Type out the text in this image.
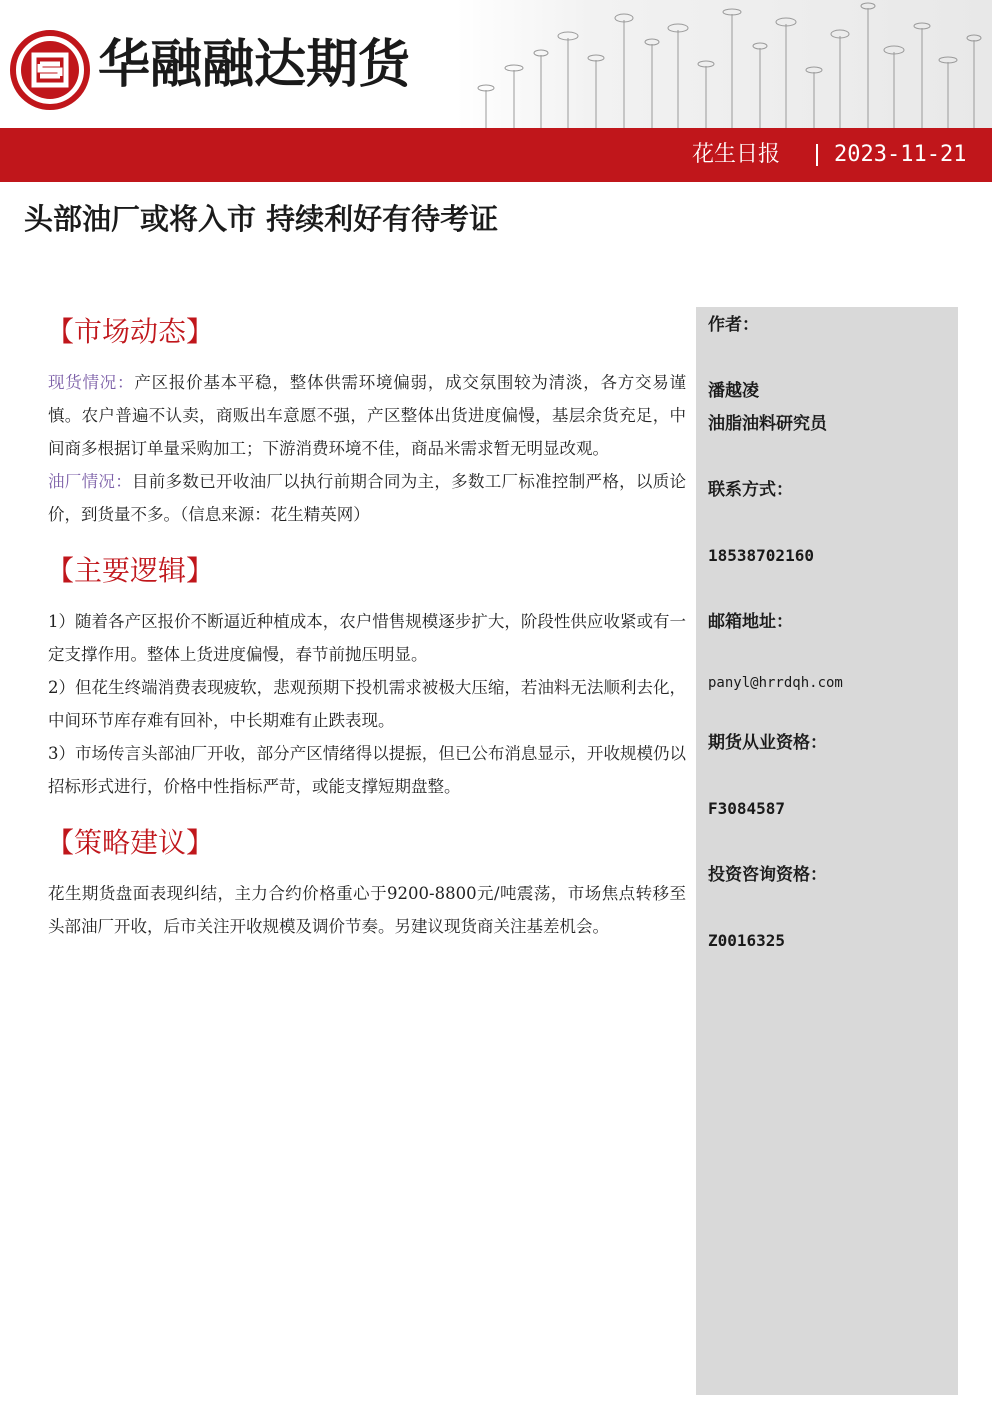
华融融达期货
花生日报 2023-11-21
头部油厂或将入市 持续利好有待考证
【市场动态】

现货情况：产区报价基本平稳，整体供需环境偏弱，成交氛围较为清淡，各方交易谨慎。农户普遍不认卖，商贩出车意愿不强，产区整体出货进度偏慢，基层余货充足，中间商多根据订单量采购加工；下游消费环境不佳，商品米需求暂无明显改观。

油厂情况：目前多数已开收油厂以执行前期合同为主，多数工厂标准控制严格，以质论价，到货量不多。（信息来源：花生精英网）

【主要逻辑】

1）随着各产区报价不断逼近种植成本，农户惜售规模逐步扩大，阶段性供应收紧或有一定支撑作用。整体上货进度偏慢，春节前抛压明显。

2）但花生终端消费表现疲软，悲观预期下投机需求被极大压缩，若油料无法顺利去化，中间环节库存难有回补，中长期难有止跌表现。

3）市场传言头部油厂开收，部分产区情绪得以提振，但已公布消息显示，开收规模仍以招标形式进行，价格中性指标严苛，或能支撑短期盘整。

【策略建议】

花生期货盘面表现纠结，主力合约价格重心于9200-8800元/吨震荡，市场焦点转移至头部油厂开收，后市关注开收规模及调价节奏。另建议现货商关注基差机会。

作者：
潘越凌
油脂油料研究员
联系方式：
18538702160
邮箱地址：
panyl@hrrdqh.com
期货从业资格：
F3084587
投资咨询资格：
Z0016325
